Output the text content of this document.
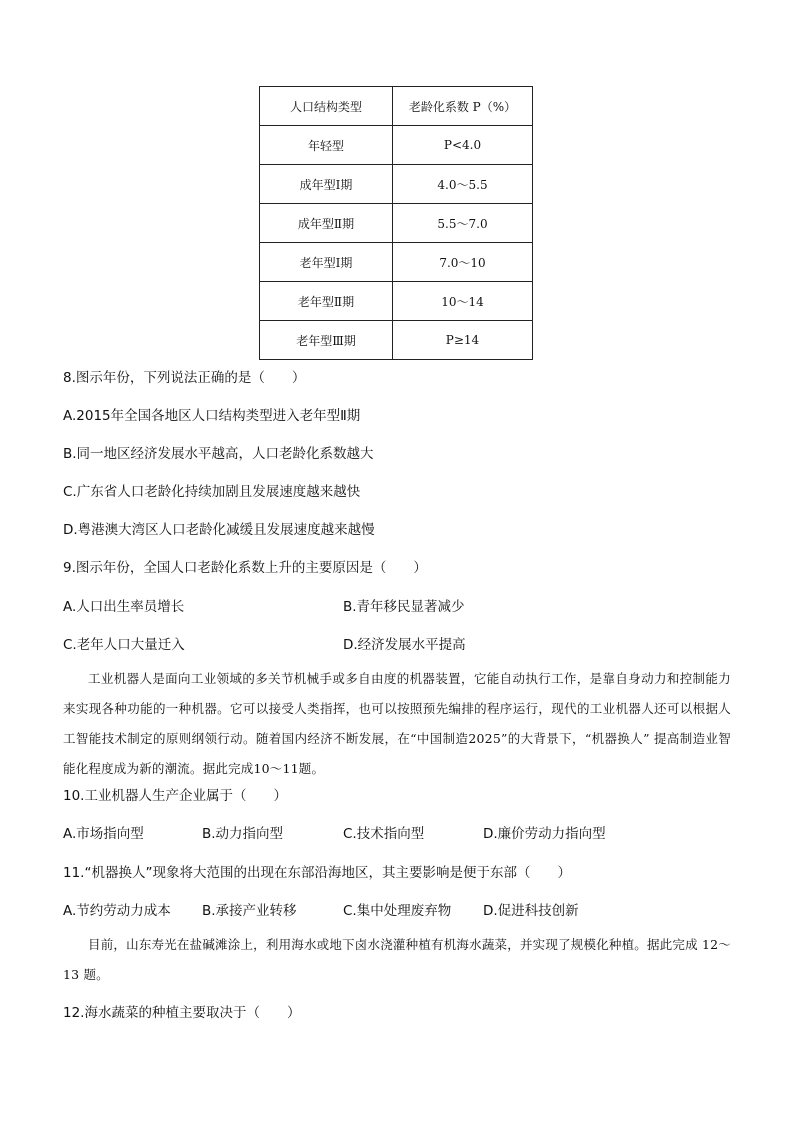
人口结构类型	老龄化系数 P（%）
年轻型	P<4.0
成年型Ⅰ期	4.0～5.5
成年型Ⅱ期	5.5～7.0
老年型Ⅰ期	7.0～10
老年型Ⅱ期	10～14
老年型Ⅲ期	P≥14
8.图示年份，下列说法正确的是（　　）
A.2015年全国各地区人口结构类型进入老年型Ⅱ期
B.同一地区经济发展水平越高，人口老龄化系数越大
C.广东省人口老龄化持续加剧且发展速度越来越快
D.粤港澳大湾区人口老龄化减缓且发展速度越来越慢
9.图示年份，全国人口老龄化系数上升的主要原因是（　　）
A.人口出生率员增长	B.青年移民显著减少
C.老年人口大量迁入	D.经济发展水平提高
工业机器人是面向工业领域的多关节机械手或多自由度的机器装置，它能自动执行工作，是靠自身动力和控制能力来实现各种功能的一种机器。它可以接受人类指挥，也可以按照预先编排的程序运行，现代的工业机器人还可以根据人工智能技术制定的原则纲领行动。随着国内经济不断发展，在“中国制造2025”的大背景下，“机器换人” 提高制造业智能化程度成为新的潮流。据此完成10～11题。
10.工业机器人生产企业属于（　　）
A.市场指向型	B.动力指向型	C.技术指向型	D.廉价劳动力指向型
11.“机器换人”现象将大范围的出现在东部沿海地区，其主要影响是便于东部（　　）
A.节约劳动力成本 B.承接产业转移	C.集中处理废弃物 D.促进科技创新
目前，山东寿光在盐碱滩涂上，利用海水或地下卤水浇灌种植有机海水蔬菜，并实现了规模化种植。据此完成 12～13 题。
12.海水蔬菜的种植主要取决于（　　）
